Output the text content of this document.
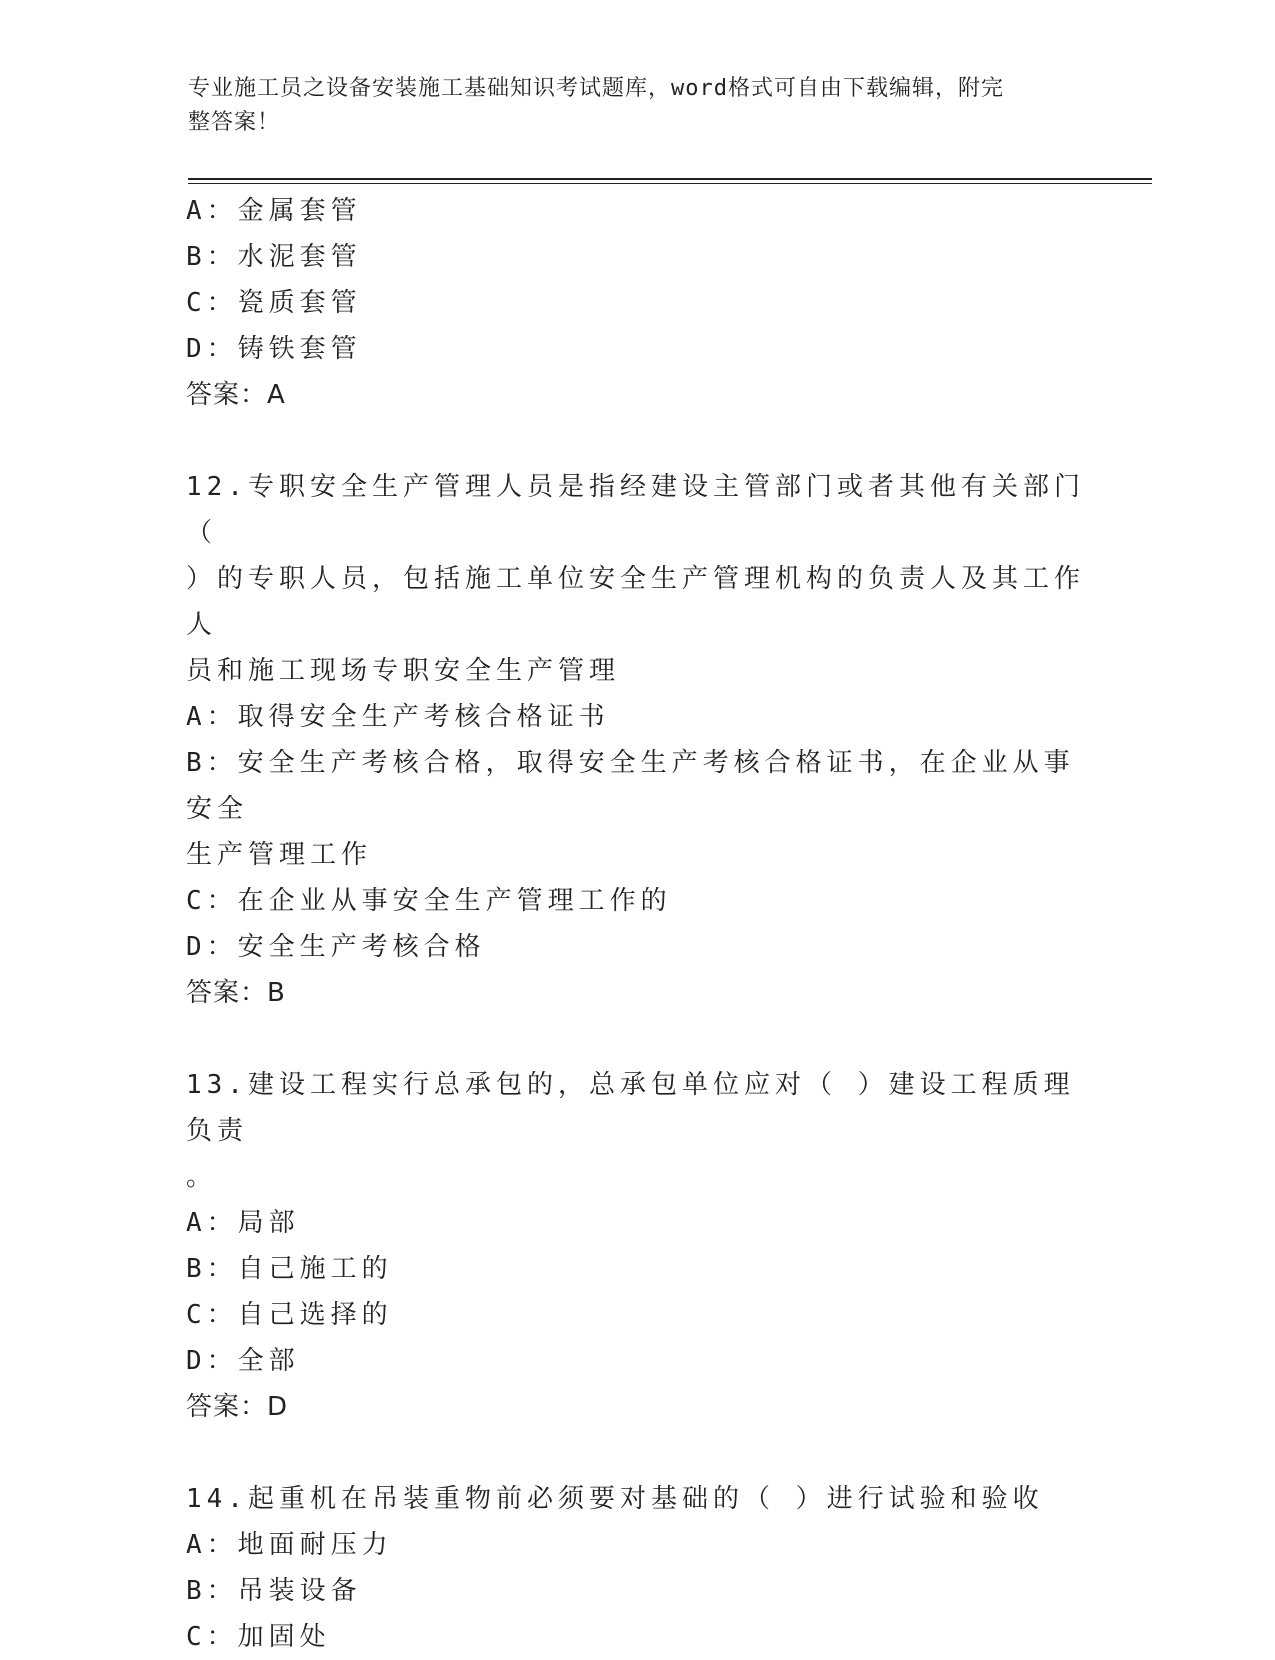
专业施工员之设备安装施工基础知识考试题库，word格式可自由下载编辑，附完
整答案！
A：金属套管
B：水泥套管
C：瓷质套管
D：铸铁套管
答案：A
12.专职安全生产管理人员是指经建设主管部门或者其他有关部门（
）的专职人员，包括施工单位安全生产管理机构的负责人及其工作人
员和施工现场专职安全生产管理
A：取得安全生产考核合格证书
B：安全生产考核合格，取得安全生产考核合格证书，在企业从事安全
生产管理工作
C：在企业从事安全生产管理工作的
D：安全生产考核合格
答案：B
13.建设工程实行总承包的，总承包单位应对（ ）建设工程质理负责
。
A：局部
B：自己施工的
C：自己选择的
D：全部
答案：D
14.起重机在吊装重物前必须要对基础的（ ）进行试验和验收
A：地面耐压力
B：吊装设备
C：加固处
